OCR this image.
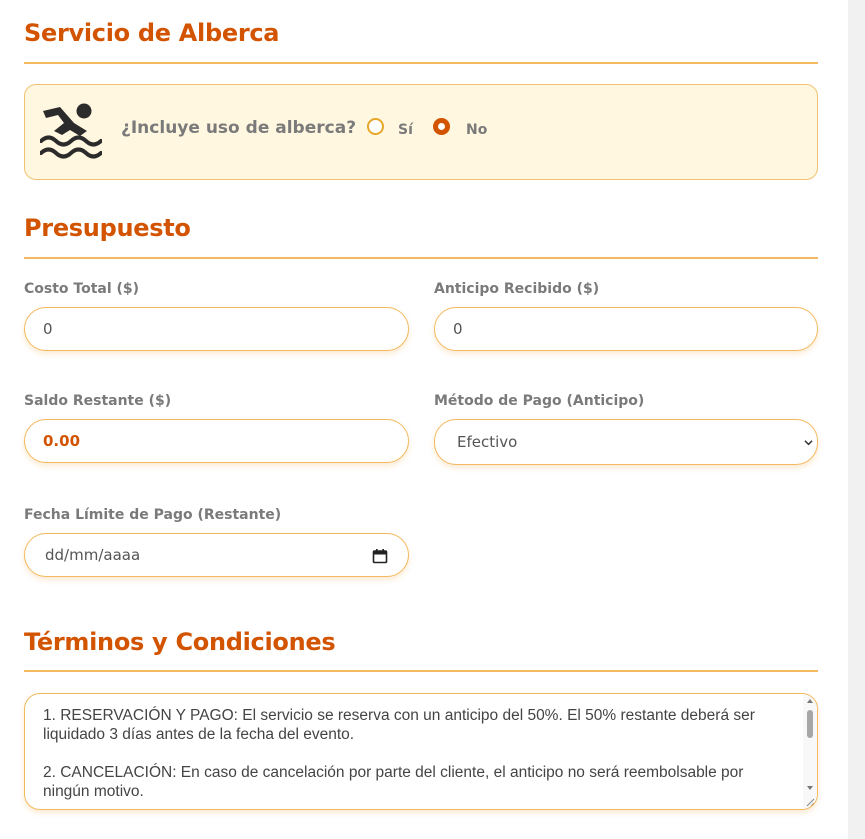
Servicio de Alberca
¿Incluye uso de alberca?	Sí	No
Presupuesto
Costo Total ($)
0
Anticipo Recibido ($)
0
Saldo Restante ($)
0.00
Método de Pago (Anticipo)
Efectivo
Fecha Límite de Pago (Restante)
dd/mm/aaaa
Términos y Condiciones

1. RESERVACIÓN Y PAGO: El servicio se reserva con un anticipo del 50%. El 50% restante deberá ser liquidado 3 días antes de la fecha del evento.

2. CANCELACIÓN: En caso de cancelación por parte del cliente, el anticipo no será reembolsable por ningún motivo.
